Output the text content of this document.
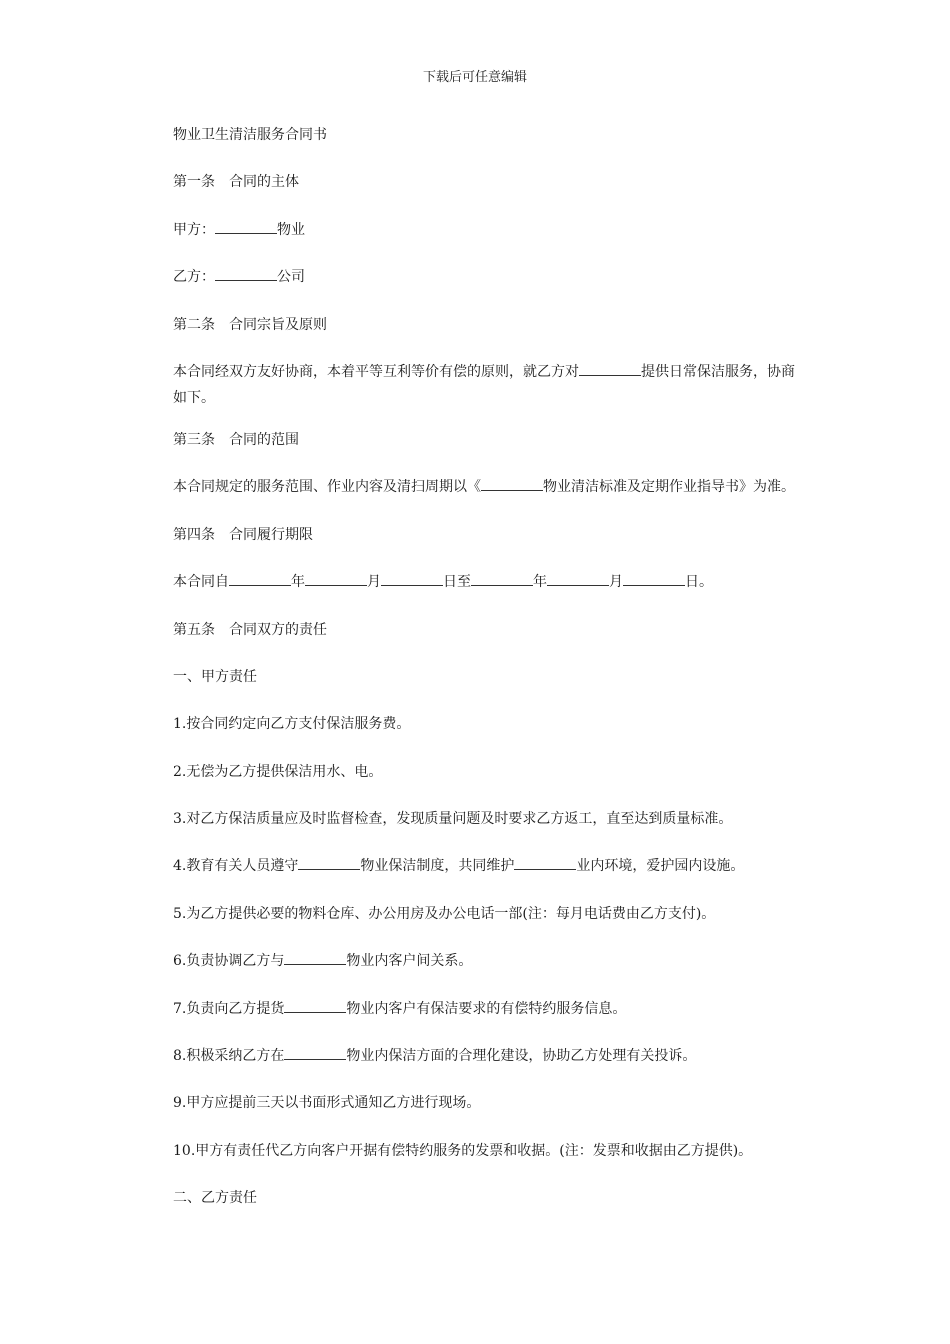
下载后可任意编辑
物业卫生清洁服务合同书
第一条 合同的主体
甲方：	物业
乙方：	公司
第二条 合同宗旨及原则
本合同经双方友好协商，本着平等互利等价有偿的原则，就乙方对	提供日常保洁服务，协商如下。
第三条 合同的范围
本合同规定的服务范围、作业内容及清扫周期以《	物业清洁标准及定期作业指导书》为准。
第四条 合同履行期限
本合同自	年	月	日至	年	月	日。
第五条 合同双方的责任
一、甲方责任
1.按合同约定向乙方支付保洁服务费。
2.无偿为乙方提供保洁用水、电。
3.对乙方保洁质量应及时监督检查，发现质量问题及时要求乙方返工，直至达到质量标准。
4.教育有关人员遵守	物业保洁制度，共同维护	业内环境，爱护园内设施。
5.为乙方提供必要的物料仓库、办公用房及办公电话一部(注：每月电话费由乙方支付)。
6.负责协调乙方与	物业内客户间关系。
7.负责向乙方提货	物业内客户有保洁要求的有偿特约服务信息。
8.积极采纳乙方在	物业内保洁方面的合理化建设，协助乙方处理有关投诉。
9.甲方应提前三天以书面形式通知乙方进行现场。
10.甲方有责任代乙方向客户开据有偿特约服务的发票和收据。(注：发票和收据由乙方提供)。
二、乙方责任
